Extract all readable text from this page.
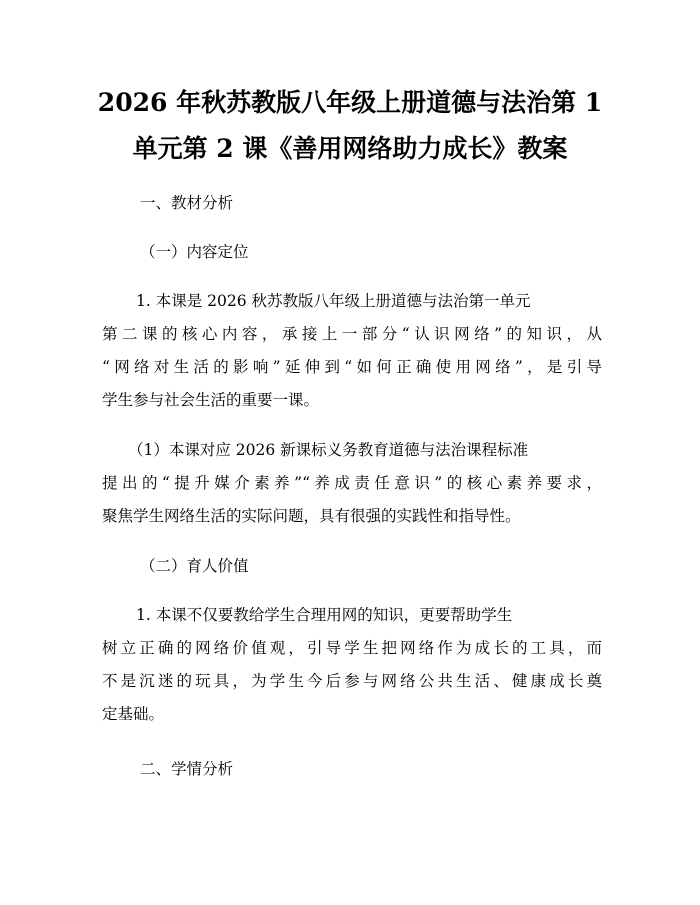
2026 年秋苏教版八年级上册道德与法治第 1
单元第 2 课《善用网络助力成长》教案
一、教材分析
（一）内容定位
1. 本课是 2026 秋苏教版八年级上册道德与法治第一单元
第二课的核心内容，承接上一部分“认识网络”的知识，从
“网络对生活的影响”延伸到“如何正确使用网络”，是引导
学生参与社会生活的重要一课。
（1）本课对应 2026 新课标义务教育道德与法治课程标准
提出的“提升媒介素养”“养成责任意识”的核心素养要求，
聚焦学生网络生活的实际问题，具有很强的实践性和指导性。
（二）育人价值
1. 本课不仅要教给学生合理用网的知识，更要帮助学生
树立正确的网络价值观，引导学生把网络作为成长的工具，而
不是沉迷的玩具，为学生今后参与网络公共生活、健康成长奠
定基础。
二、学情分析
